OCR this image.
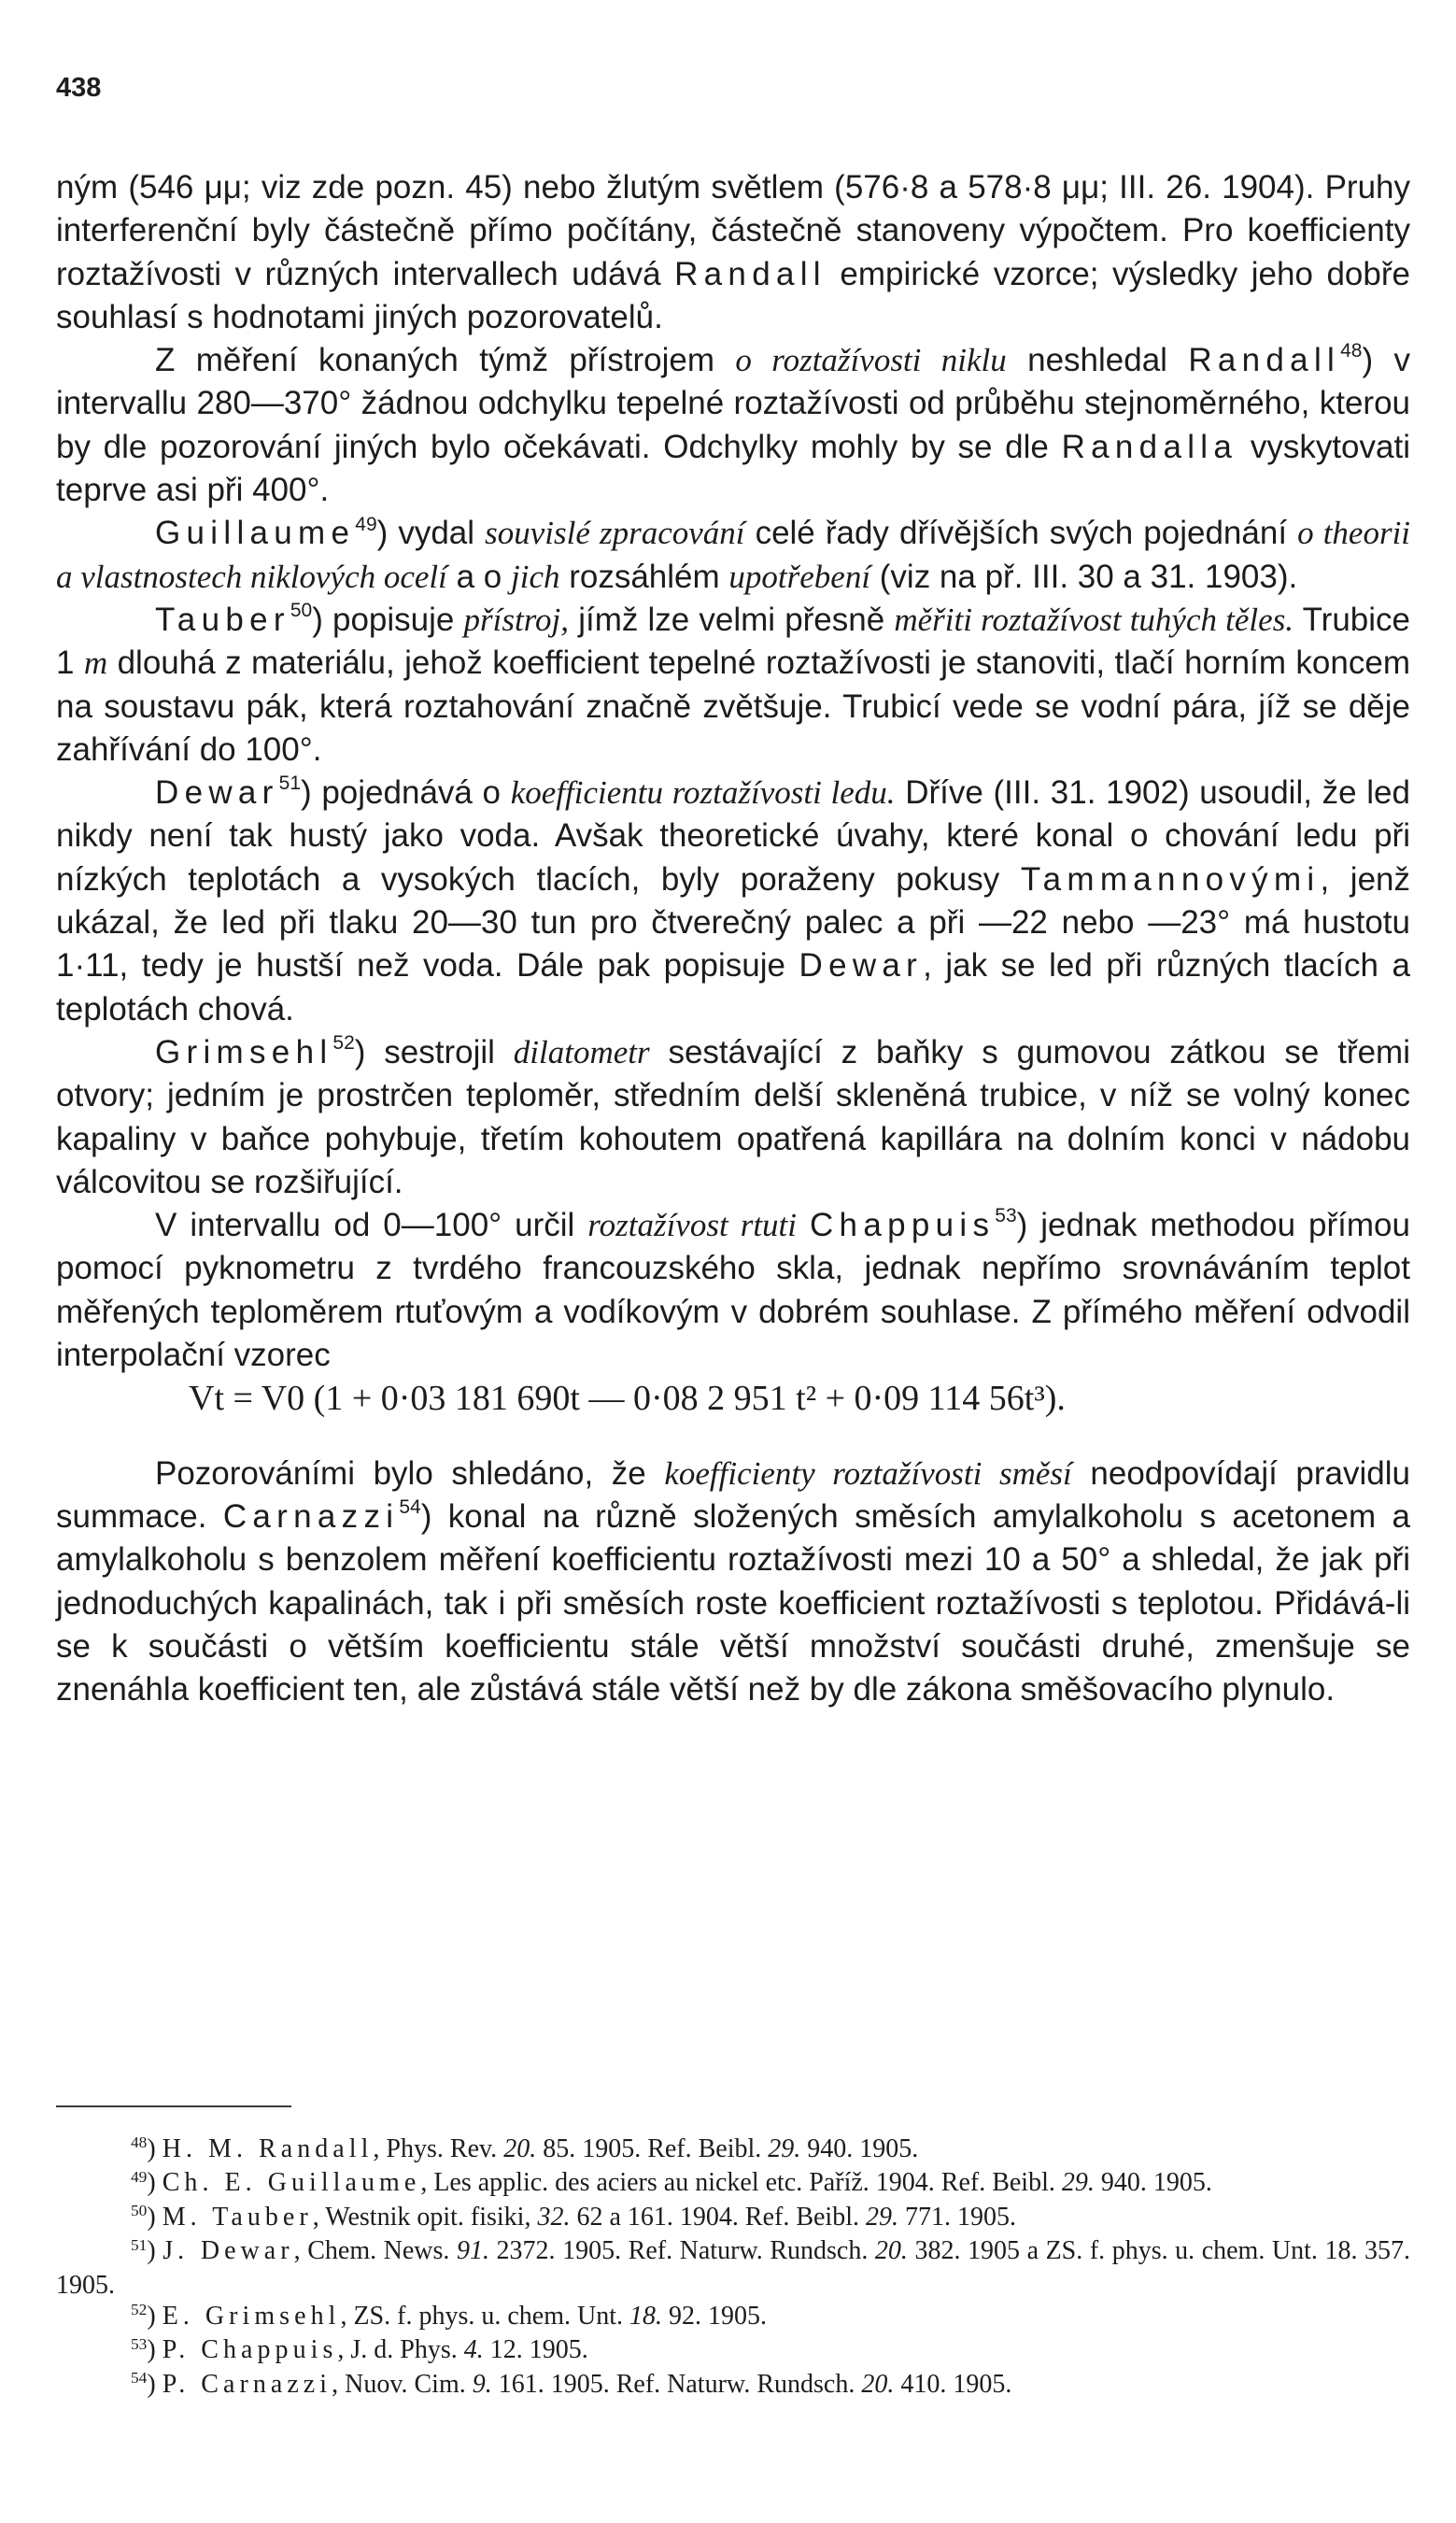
438

ným (546 μμ; viz zde pozn. 45) nebo žlutým světlem (576·8 a 578·8 μμ; III. 26. 1904). Pruhy interferenční byly částečně přímo počítány, částečně stanoveny výpočtem. Pro koefficienty roztažívosti v různých intervallech udává Randall empirické vzorce; výsledky jeho dobře souhlasí s hodnotami jiných pozorovatelů.

Z měření konaných týmž přístrojem o roztažívosti niklu neshledal Randall$^{48}$) v intervallu 280—370° žádnou odchylku tepelné roztažívosti od průběhu stejnoměrného, kterou by dle pozorování jiných bylo očekávati. Odchylky mohly by se dle Randalla vyskytovati teprve asi při 400°.

Guillaume$^{49}$) vydal souvislé zpracování celé řady dřívějších svých pojednání o theorii a vlastnostech niklových ocelí a o jich rozsáhlém upotřebení (viz na př. III. 30 a 31. 1903).

Tauber$^{50}$) popisuje přístroj, jímž lze velmi přesně měřiti roztažívost tuhých těles. Trubice 1 m dlouhá z materiálu, jehož koefficient tepelné roztažívosti je stanoviti, tlačí horním koncem na soustavu pák, která roztahování značně zvětšuje. Trubicí vede se vodní pára, jíž se děje zahřívání do 100°.

Dewar$^{51}$) pojednává o koefficientu roztažívosti ledu. Dříve (III. 31. 1902) usoudil, že led nikdy není tak hustý jako voda. Avšak theoretické úvahy, které konal o chování ledu při nízkých teplotách a vysokých tlacích, byly poraženy pokusy Tammannovými, jenž ukázal, že led při tlaku 20—30 tun pro čtverečný palec a při —22 nebo —23° má hustotu 1·11, tedy je hustší než voda. Dále pak popisuje Dewar, jak se led při různých tlacích a teplotách chová.

Grimsehl$^{52}$) sestrojil dilatometr sestávající z baňky s gumovou zátkou se třemi otvory; jedním je prostrčen teploměr, středním delší skleněná trubice, v níž se volný konec kapaliny v baňce pohybuje, třetím kohoutem opatřená kapillára na dolním konci v nádobu válcovitou se rozšiřující.

V intervallu od 0—100° určil roztažívost rtuti Chappuis$^{53}$) jednak methodou přímou pomocí pyknometru z tvrdého francouzského skla, jednak nepřímo srovnáváním teplot měřených teploměrem rtuťovým a vodíkovým v dobrém souhlase. Z přímého měření odvodil interpolační vzorec

Vt = V0 (1 + 0·03 181 690t — 0·08 2 951 t² + 0·09 114 56t³).

Pozorováními bylo shledáno, že koefficienty roztažívosti směsí neodpovídají pravidlu summace. Carnazzi$^{54}$) konal na různě složených směsích amylalkoholu s acetonem a amylalkoholu s benzolem měření koefficientu roztažívosti mezi 10 a 50° a shledal, že jak při jednoduchých kapalinách, tak i při směsích roste koefficient roztažívosti s teplotou. Přidává-li se k součásti o větším koefficientu stále větší množství součásti druhé, zmenšuje se znenáhla koefficient ten, ale zůstává stále větší než by dle zákona směšovacího plynulo.

$^{48}$) H. M. Randall, Phys. Rev. 20. 85. 1905. Ref. Beibl. 29. 940. 1905.

$^{49}$) Ch. E. Guillaume, Les applic. des aciers au nickel etc. Paříž. 1904. Ref. Beibl. 29. 940. 1905.

$^{50}$) M. Tauber, Westnik opit. fisiki, 32. 62 a 161. 1904. Ref. Beibl. 29. 771. 1905.

$^{51}$) J. Dewar, Chem. News. 91. 2372. 1905. Ref. Naturw. Rundsch. 20. 382. 1905 a ZS. f. phys. u. chem. Unt. 18. 357. 1905.

$^{52}$) E. Grimsehl, ZS. f. phys. u. chem. Unt. 18. 92. 1905.

$^{53}$) P. Chappuis, J. d. Phys. 4. 12. 1905.

$^{54}$) P. Carnazzi, Nuov. Cim. 9. 161. 1905. Ref. Naturw. Rundsch. 20. 410. 1905.
